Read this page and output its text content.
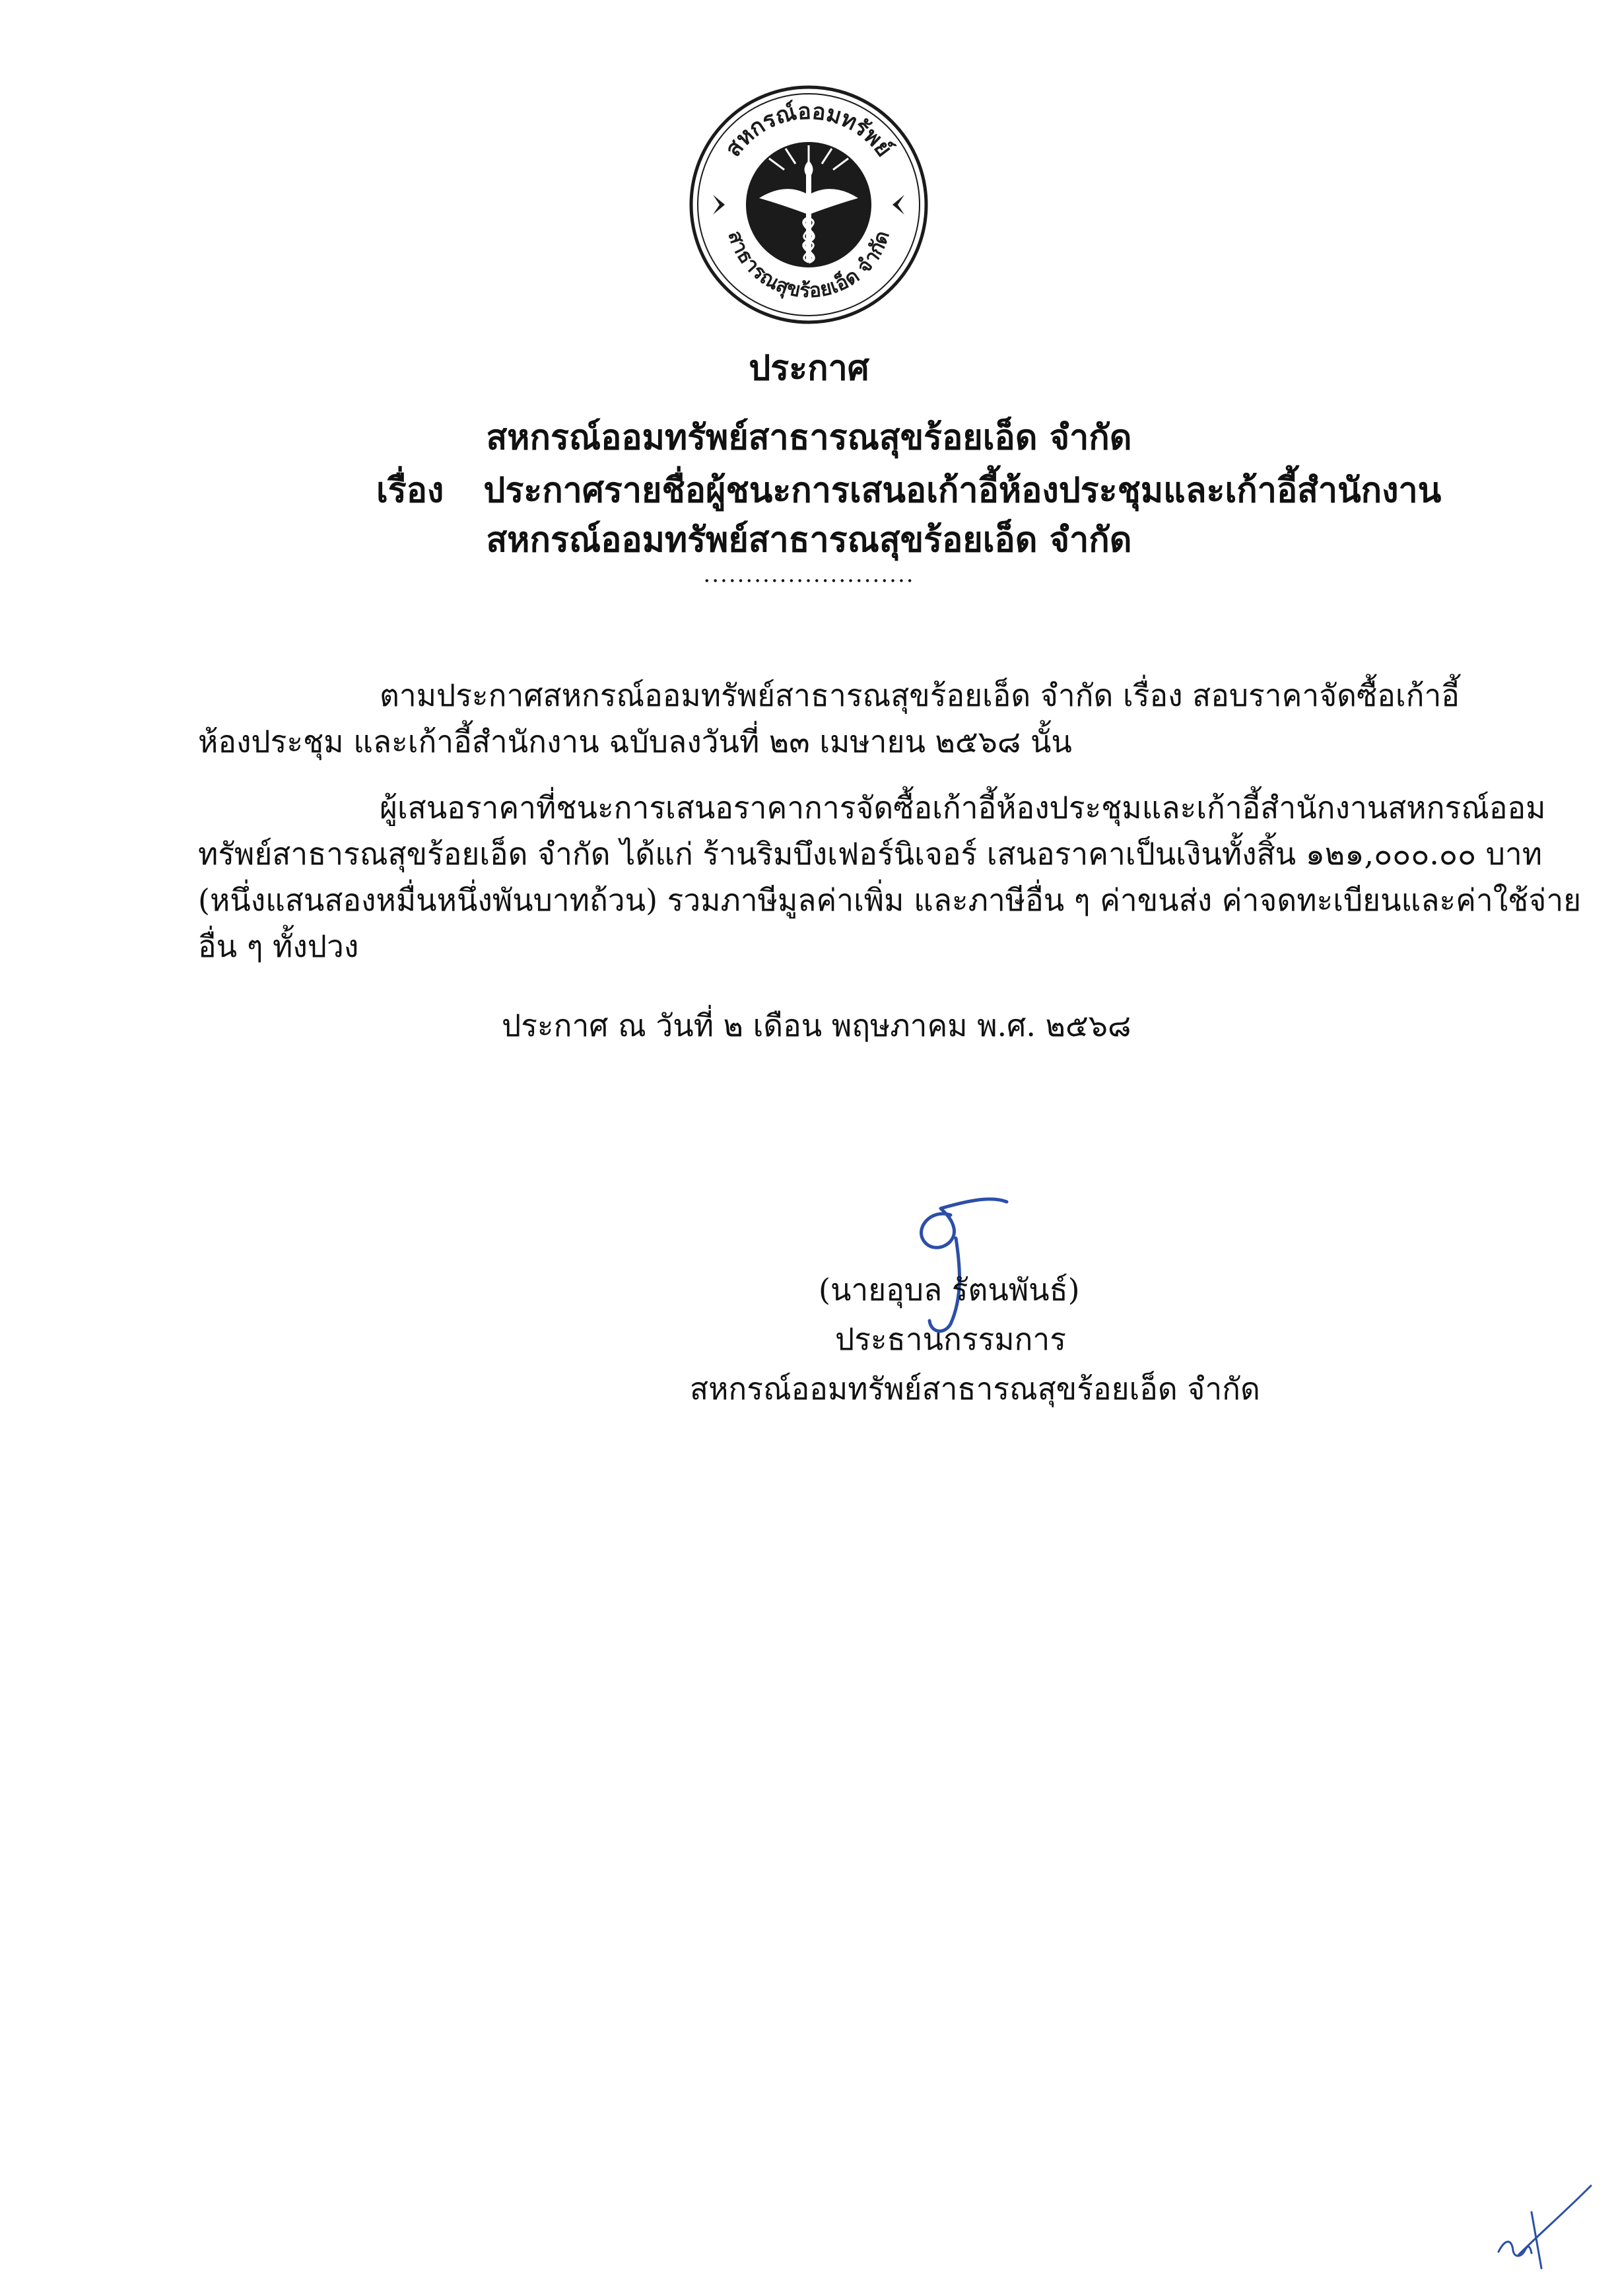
สหกรณ์ออมทรัพย์
สาธารณสุขร้อยเอ็ด จำกัด
ประกาศ
สหกรณ์ออมทรัพย์สาธารณสุขร้อยเอ็ด จำกัด
เรื่อง ประกาศรายชื่อผู้ชนะการเสนอเก้าอี้ห้องประชุมและเก้าอี้สำนักงาน
สหกรณ์ออมทรัพย์สาธารณสุขร้อยเอ็ด จำกัด
.........................
ตามประกาศสหกรณ์ออมทรัพย์สาธารณสุขร้อยเอ็ด จำกัด เรื่อง สอบราคาจัดซื้อเก้าอี้
ห้องประชุม และเก้าอี้สำนักงาน ฉบับลงวันที่ ๒๓ เมษายน ๒๕๖๘ นั้น
ผู้เสนอราคาที่ชนะการเสนอราคาการจัดซื้อเก้าอี้ห้องประชุมและเก้าอี้สำนักงานสหกรณ์ออม
ทรัพย์สาธารณสุขร้อยเอ็ด จำกัด ได้แก่ ร้านริมบึงเฟอร์นิเจอร์ เสนอราคาเป็นเงินทั้งสิ้น ๑๒๑,๐๐๐.๐๐ บาท
(หนึ่งแสนสองหมื่นหนึ่งพันบาทถ้วน) รวมภาษีมูลค่าเพิ่ม และภาษีอื่น ๆ ค่าขนส่ง ค่าจดทะเบียนและค่าใช้จ่าย
อื่น ๆ ทั้งปวง
ประกาศ ณ วันที่ ๒ เดือน พฤษภาคม พ.ศ. ๒๕๖๘
(นายอุบล รัตนพันธ์)
ประธานกรรมการ
สหกรณ์ออมทรัพย์สาธารณสุขร้อยเอ็ด จำกัด
